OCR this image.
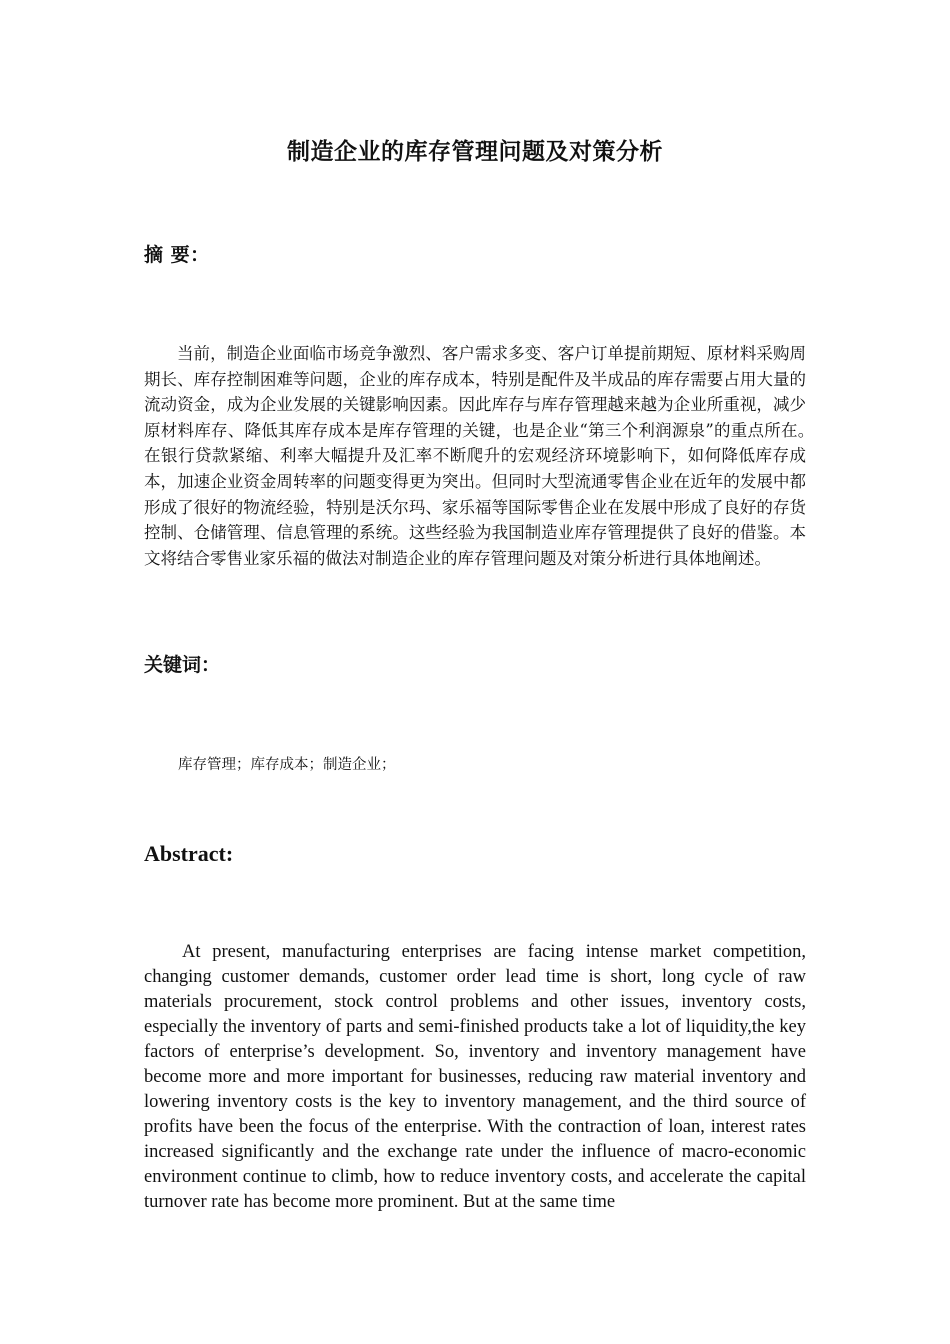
制造企业的库存管理问题及对策分析
摘 要：

当前，制造企业面临市场竞争激烈、客户需求多变、客户订单提前期短、原材料采购周期长、库存控制困难等问题，企业的库存成本，特别是配件及半成品的库存需要占用大量的流动资金，成为企业发展的关键影响因素。因此库存与库存管理越来越为企业所重视，减少原材料库存、降低其库存成本是库存管理的关键，也是企业“第三个利润源泉”的重点所在。　在银行贷款紧缩、利率大幅提升及汇率不断爬升的宏观经济环境影响下，如何降低库存成本，加速企业资金周转率的问题变得更为突出。但同时大型流通零售企业在近年的发展中都形成了很好的物流经验，特别是沃尔玛、家乐福等国际零售企业在发展中形成了良好的存货控制、仓储管理、信息管理的系统。这些经验为我国制造业库存管理提供了良好的借鉴。本文将结合零售业家乐福的做法对制造企业的库存管理问题及对策分析进行具体地阐述。

关键词：
库存管理；库存成本；制造企业；
Abstract:

At present, manufacturing enterprises are facing intense market competition, changing customer demands, customer order lead time is short, long cycle of raw materials procurement, stock control problems and other issues, inventory costs, especially the inventory of parts and semi-finished products take a lot of liquidity,the key factors of enterprise’s development. So, inventory and inventory management have become more and more important for businesses, reducing raw material inventory and lowering inventory costs is the key to inventory management, and the third source of profits have been the focus of the enterprise. With the contraction of loan, interest rates increased significantly and the exchange rate under the influence of macro-economic environment continue to climb, how to reduce inventory costs, and accelerate the capital turnover rate has become more prominent. But at the same time
